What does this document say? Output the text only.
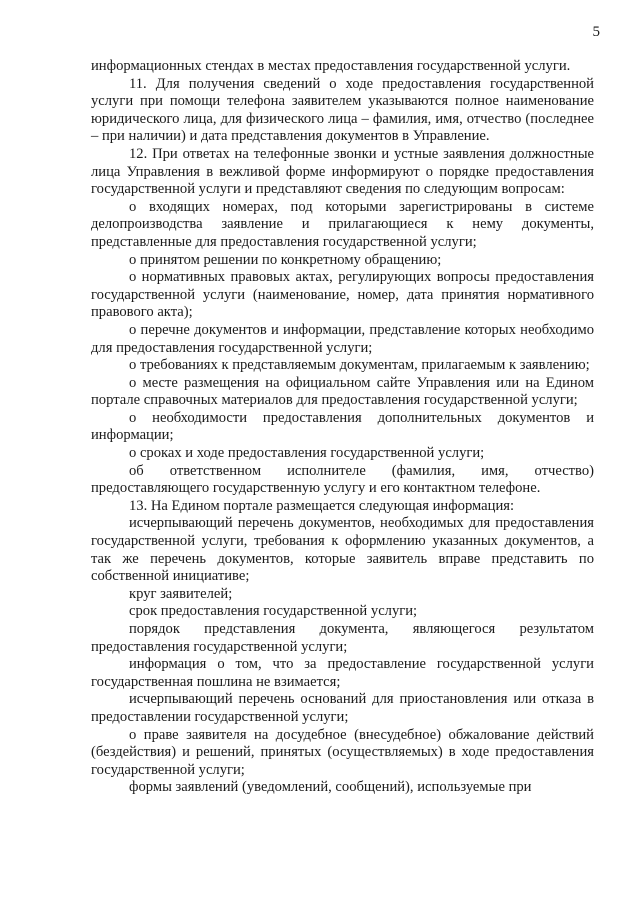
5

информационных стендах в местах предоставления государственной услуги.

11. Для получения сведений о ходе предоставления государственной услуги при помощи телефона заявителем указываются полное наименование юридического лица, для физического лица – фамилия, имя, отчество (последнее – при наличии) и дата представления документов в Управление.

12. При ответах на телефонные звонки и устные заявления должностные лица Управления в вежливой форме информируют о порядке предоставления государственной услуги и представляют сведения по следующим вопросам:

о входящих номерах, под которыми зарегистрированы в системе делопроизводства заявление и прилагающиеся к нему документы, представленные для предоставления государственной услуги;

о принятом решении по конкретному обращению;

о нормативных правовых актах, регулирующих вопросы предоставления государственной услуги (наименование, номер, дата принятия нормативного правового акта);

о перечне документов и информации, представление которых необходимо для предоставления государственной услуги;

о требованиях к представляемым документам, прилагаемым к заявлению;

о месте размещения на официальном сайте Управления или на Едином портале справочных материалов для предоставления государственной услуги;

о необходимости предоставления дополнительных документов и информации;

о сроках и ходе предоставления государственной услуги;

об ответственном исполнителе (фамилия, имя, отчество) предоставляющего государственную услугу и его контактном телефоне.

13. На Едином портале размещается следующая информация:

исчерпывающий перечень документов, необходимых для предоставления государственной услуги, требования к оформлению указанных документов, а так же перечень документов, которые заявитель вправе представить по собственной инициативе;

круг заявителей;

срок предоставления государственной услуги;

порядок представления документа, являющегося результатом предоставления государственной услуги;

информация о том, что за предоставление государственной услуги государственная пошлина не взимается;

исчерпывающий перечень оснований для приостановления или отказа в предоставлении государственной услуги;

о праве заявителя на досудебное (внесудебное) обжалование действий (бездействия) и решений, принятых (осуществляемых) в ходе предоставления государственной услуги;

формы заявлений (уведомлений, сообщений), используемые при
